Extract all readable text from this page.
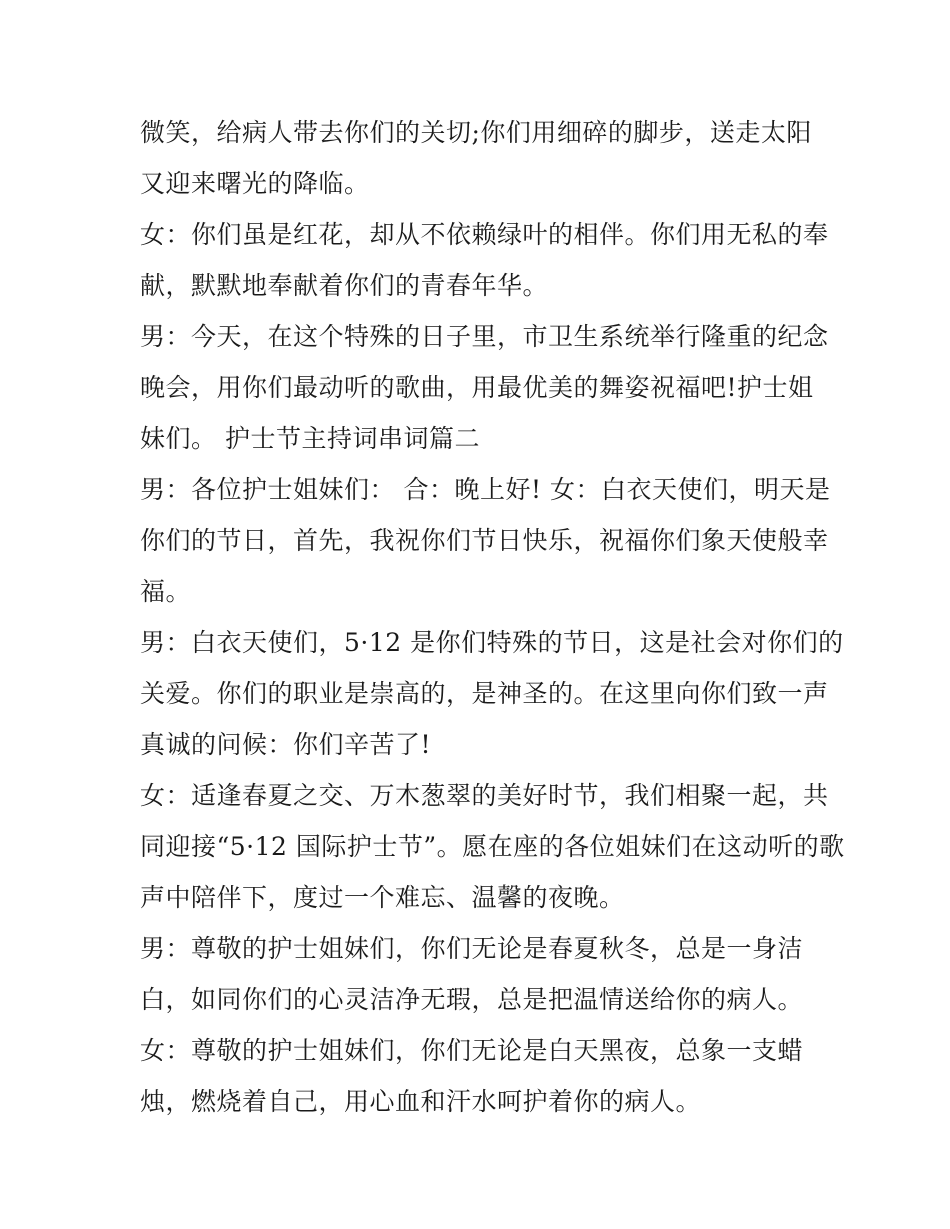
微笑，给病人带去你们的关切;你们用细碎的脚步，送走太阳
又迎来曙光的降临。
女：你们虽是红花，却从不依赖绿叶的相伴。你们用无私的奉
献，默默地奉献着你们的青春年华。
男：今天，在这个特殊的日子里，市卫生系统举行隆重的纪念
晚会，用你们最动听的歌曲，用最优美的舞姿祝福吧!护士姐
妹们。 护士节主持词串词篇二
男：各位护士姐妹们： 合：晚上好! 女：白衣天使们，明天是
你们的节日，首先，我祝你们节日快乐，祝福你们象天使般幸
福。
男：白衣天使们，5·12 是你们特殊的节日，这是社会对你们的
关爱。你们的职业是崇高的，是神圣的。在这里向你们致一声
真诚的问候：你们辛苦了!
女：适逢春夏之交、万木葱翠的美好时节，我们相聚一起，共
同迎接“5·12 国际护士节”。愿在座的各位姐妹们在这动听的歌
声中陪伴下，度过一个难忘、温馨的夜晚。
男：尊敬的护士姐妹们，你们无论是春夏秋冬，总是一身洁
白，如同你们的心灵洁净无瑕，总是把温情送给你的病人。
女：尊敬的护士姐妹们，你们无论是白天黑夜，总象一支蜡
烛，燃烧着自己，用心血和汗水呵护着你的病人。
